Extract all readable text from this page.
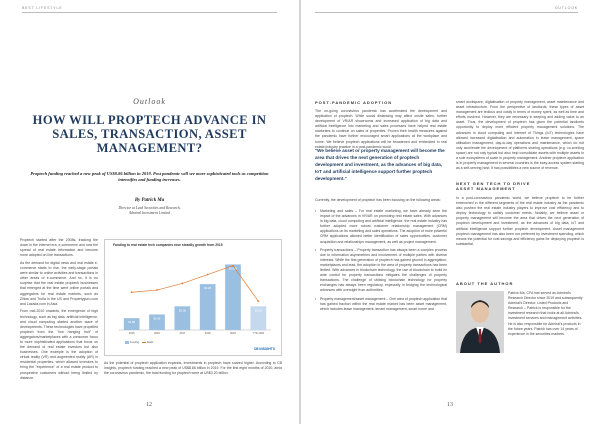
BEST LIFESTYLE
Outlook
HOW WILL PROPTECH ADVANCE IN SALES, TRANSACTION, ASSET MANAGEMENT?
Proptech funding reached a new peak of US$8.86 billion in 2019. Post pandemic will see more sophisticated tools as competition intensifies and funding increases.
By Patrick Ma
Director at Lead Securities and Research,
Admiral Investment Limited

Proptech started after the 2008s, tracking the down in the internet era, e-commerce and now the spread of real estate information and become more adopted on line transactions.

As the demand for digital news and real estate e-commerce starts to rise, the early-stage portals were similar to online activities and transactions in other areas of e-commerce. And so, it is no surprise that the real estate proptech businesses that emerged at the time were online portals and aggregators for real estate markets, such as Zillow and Trulia in the US and Propertyguru.com and Lazada.com in Asia.

From mid-2010 onwards, the emergence of high technology, such as big data, artificial intelligence, and cloud computing started another wave of developments. These technologies have propelled proptech from the "low hanging fruit" of aggregators/marketplaces with a consumer focus to more sophisticated applications that focus on the demand of real estate investors but also businesses. One example is the adoption of virtual reality (VR) and augmented reality (AR) in residential properties, which allowed investors to bring the "experience" of a real estate product to prospective customers without being limited by distance.

Funding to real estate tech companies rose steadily growth from 2015
$1.6B
2015
$2.1B
2016
$3.2B
2017
$6.2B
2018
$8.86B
2019
$3.2B
YTD 2020
Funding	Deals
CB INSIGHTS

As the potential of proptech application expands, investments in proptech have soared higher. According to CB Insights, proptech funding reached a new peak of US$8.86 billion in 2019. For the first eight months of 2020, amid the coronavirus pandemic, the total funding for proptech were at US$3.20 billion.

12
OUTLOOK
POST-PANDEMIC ADOPTION
The on-going coronavirus pandemic has accelerated the development and application of proptech. While social distancing may affect onsite sales, further development of VR/AR showrooms and increased application of big data and artificial intelligence into marketing and sales processes have helped real estate marketers to continue on sales of properties. Proven their health measures against the pandemic have further encouraged smart applications at the workplace and home. We believe proptech applications will be broadened and embedded in real estate industry practice in a post-pandemic world.
"We believe asset or property management will become the area that drives the next generation of proptech development and investment, as the advances of big data, IoT and artificial intelligence support further proptech development."
Currently, the development of proptech has been focusing on the following areas:
• Marketing and sales – For real estate marketing, we have already seen the impact of the advances in VR/AR on promoting real estate sales. With advances in big data, cloud computing and artificial intelligence, the real estate industry has further adopted more robust customer relationship management (CRM) applications on its marketing and sales operations. The adoption of more powerful CRM applications allowed better identification of sales opportunities, customer acquisition and relationships management, as well as project management.
• Property transactions – Property transaction has always been a complex process due to information asymmetries and involvement of multiple parties with diverse interests. While the first generation of proptech has gained ground in aggregation, marketplaces and lead, the adoption in the area of property transactions has been limited. With advances in blockchain technology, the use of blockchain to build ex ante control for property transactions mitigates the challenges of property transactions. The challenge of utilising blockchain technology for property exchanges has always been regulatory, especially in bridging the technological advances with oversight from authorities.
• Property management/asset management – One area of proptech application that has gained traction within the real estate market has been asset management, which includes lease management, tenant management, smart home and
smart workspace, digitalisation of property management, asset maintenance and asset infrastructure. From the perspective of landlords, these types of asset management are tedious and costly in terms of money spent, as well as time and efforts involved. However, they are necessary in keeping and adding value to an asset. Thus, the development of proptech has given the potential landlords opportunity to deploy more efficient property management solutions. The advances in cloud computing and Internet of Things (IoT) technologies have allowed increased digitalisation and automation in lease management, space utilisation management, day-to-day operations and maintenance, which do not only accelerate the development of platforms sharing operations (e.g. co-working space) are not only typical but also help consolidate assets with multiple assets in a sole ecosystems of scale in property management. Another proptech application is in property management in several countries is the easy-access system starting as a self-serving host. It has possibilities a new source of revenue.
NEXT GEN TECH TO DRIVE
ASSET MANAGEMENT
In a post-coronavirus pandemic world, we believe proptech to be further entrenched in the different segments of the real estate industry as the pandemic also pushed the real estate industry players to improve cost efficiency and to deploy technology to satisfy customer needs. Notably, we believe asset or property management will become the area that drives the next generation of proptech development and investment, as the advances of big data, IoT and artificial intelligence support further proptech development. Asset management proptech management has also been our preferred by investment spending, which means the potential for cost savings and efficiency gains for deploying proptech is substantial.
ABOUT THE AUTHOR
Patrick Ma, CFA has served as Admiral's Research Director since 2019 and subsequently Admiral's Director. Listed Products and Research – Patrick is responsible for the investment research that looks at all Admiral's investment services and management activities. He is also responsible for Admiral's products in the future years. Patrick has over 14 years of experience in the securities markets.
13
